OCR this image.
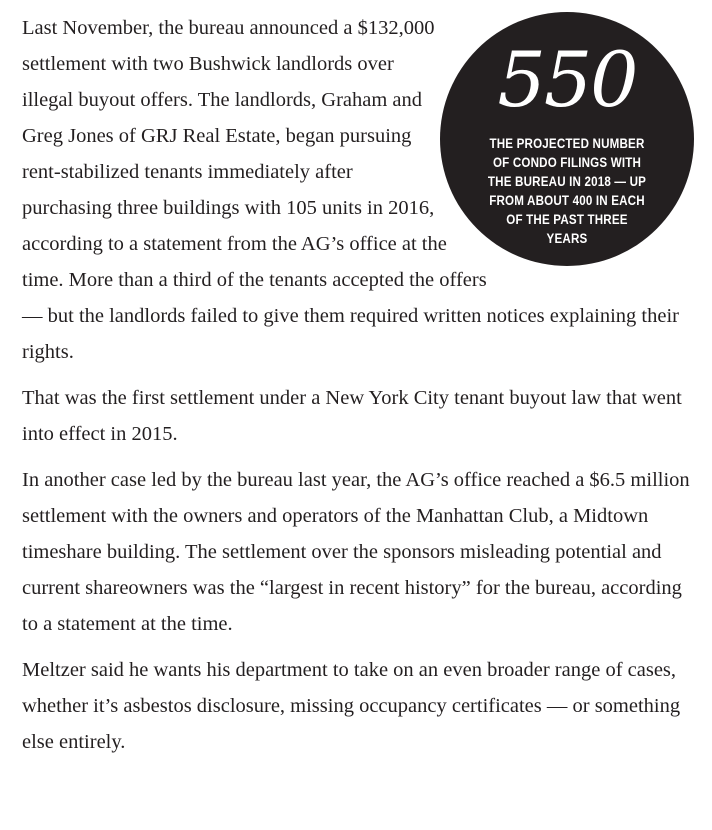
550
THE PROJECTED NUMBER OF CONDO FILINGS WITH THE BUREAU IN 2018 — UP FROM ABOUT 400 IN EACH OF THE PAST THREE YEARS

Last November, the bureau announced a $132,000 settlement with two Bushwick landlords over illegal buyout offers. The landlords, Graham and Greg Jones of GRJ Real Estate, began pursuing rent-stabilized tenants immediately after purchasing three buildings with 105 units in 2016, according to a statement from the AG’s office at the time. More than a third of the tenants accepted the offers — but the landlords failed to give them required written notices explaining their rights.

That was the first settlement under a New York City tenant buyout law that went into effect in 2015.

In another case led by the bureau last year, the AG’s office reached a $6.5 million settlement with the owners and operators of the Manhattan Club, a Midtown timeshare building. The settlement over the sponsors misleading potential and current shareowners was the “largest in recent history” for the bureau, according to a statement at the time.

Meltzer said he wants his department to take on an even broader range of cases, whether it’s asbestos disclosure, missing occupancy certificates — or something else entirely.
